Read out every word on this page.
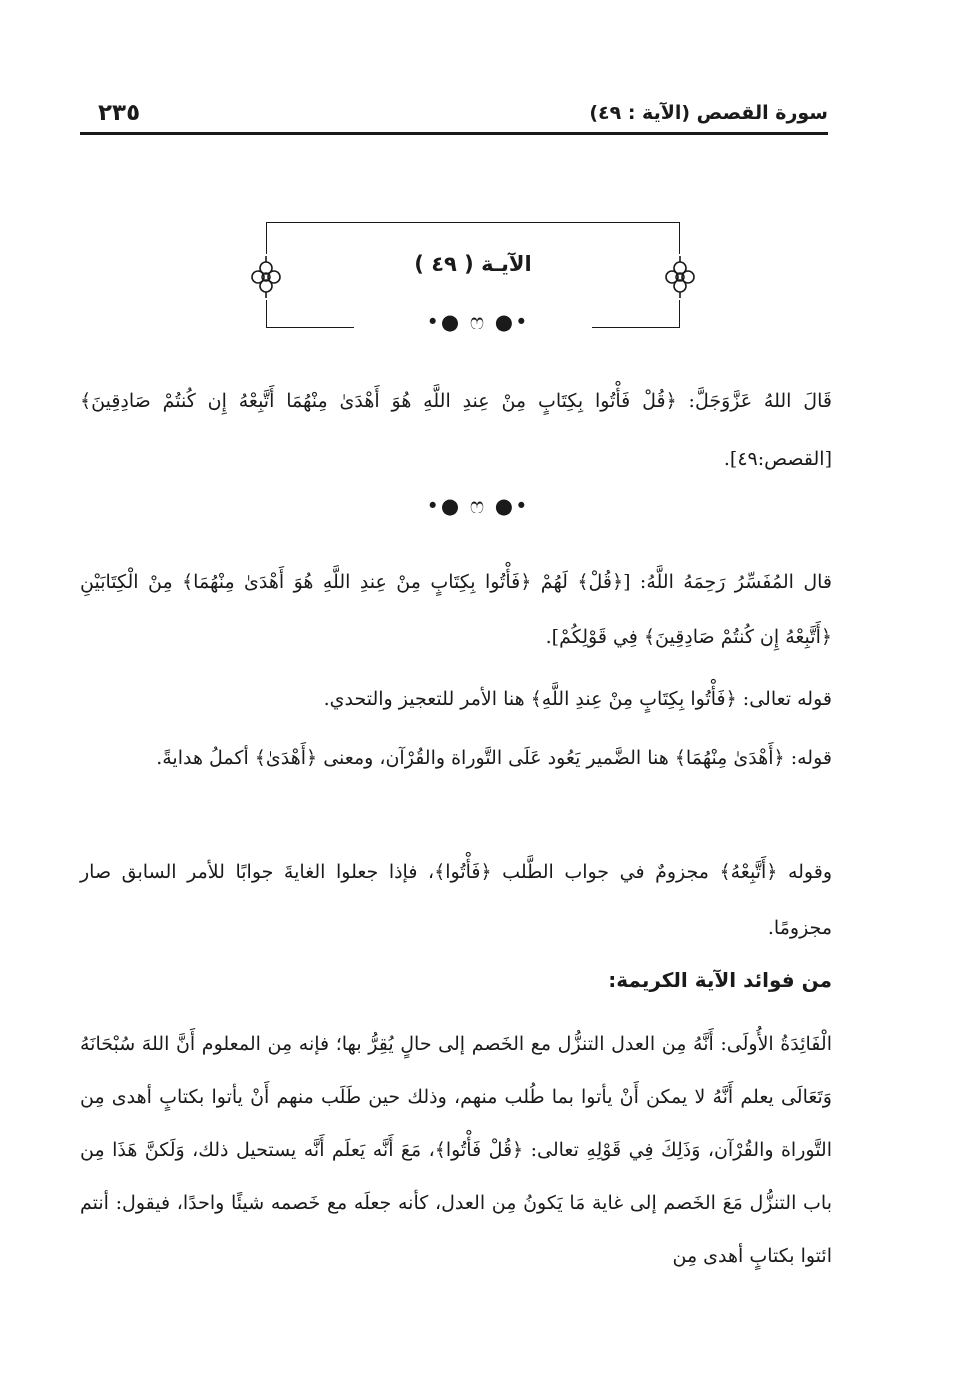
٢٣٥	سورة القصص (الآية : ٤٩)
الآيـة ( ٤٩ )
•● ෆ ●•

قَالَ اللهُ عَزَّوَجَلَّ: ﴿قُلْ فَأْتُوا بِكِتَابٍ مِنْ عِندِ اللَّهِ هُوَ أَهْدَىٰ مِنْهُمَا أَتَّبِعْهُ إِن كُنتُمْ صَادِقِينَ﴾ [القصص:٤٩].

•● ෆ ●•

قال المُفَسِّرُ رَحِمَهُ اللَّهُ: [﴿قُلْ﴾ لَهُمْ ﴿فَأْتُوا بِكِتَابٍ مِنْ عِندِ اللَّهِ هُوَ أَهْدَىٰ مِنْهُمَا﴾ مِنْ الْكِتَابَيْنِ ﴿أَتَّبِعْهُ إِن كُنتُمْ صَادِقِينَ﴾ فِي قَوْلِكُمْ].

قوله تعالى: ﴿فَأْتُوا بِكِتَابٍ مِنْ عِندِ اللَّهِ﴾ هنا الأمر للتعجيز والتحدي.

قوله: ﴿أَهْدَىٰ مِنْهُمَا﴾ هنا الضَّمير يَعُود عَلَى التَّوراة والقُرْآن، ومعنى ﴿أَهْدَىٰ﴾ أكملُ هدايةً.

وقوله ﴿أَتَّبِعْهُ﴾ مجزومٌ في جواب الطَّلب ﴿فَأْتُوا﴾، فإذا جعلوا الغايةَ جوابًا للأمر السابق صار مجزومًا.

من فوائد الآية الكريمة:

الْفَائِدَةُ الأُولَى: أَنَّهُ مِن العدل التنزُّل مع الخَصم إلى حالٍ يُقِرُّ بها؛ فإنه مِن المعلوم أَنَّ اللهَ سُبْحَانَهُ وَتَعَالَى يعلم أَنَّهُ لا يمكن أَنْ يأتوا بما طُلب منهم، وذلك حين طَلَب منهم أَنْ يأتوا بكتابٍ أهدى مِن التَّوراة والقُرْآن، وَذَلِكَ فِي قَوْلِهِ تعالى: ﴿قُلْ فَأْتُوا﴾، مَعَ أَنَّه يَعلَم أَنَّه يستحيل ذلك، وَلَكنَّ هَذَا مِن باب التنزُّل مَعَ الخَصم إلى غاية مَا يَكونُ مِن العدل، كأنه جعلَه مع خَصمه شيئًا واحدًا، فيقول: أنتم ائتوا بكتابٍ أهدى مِن
